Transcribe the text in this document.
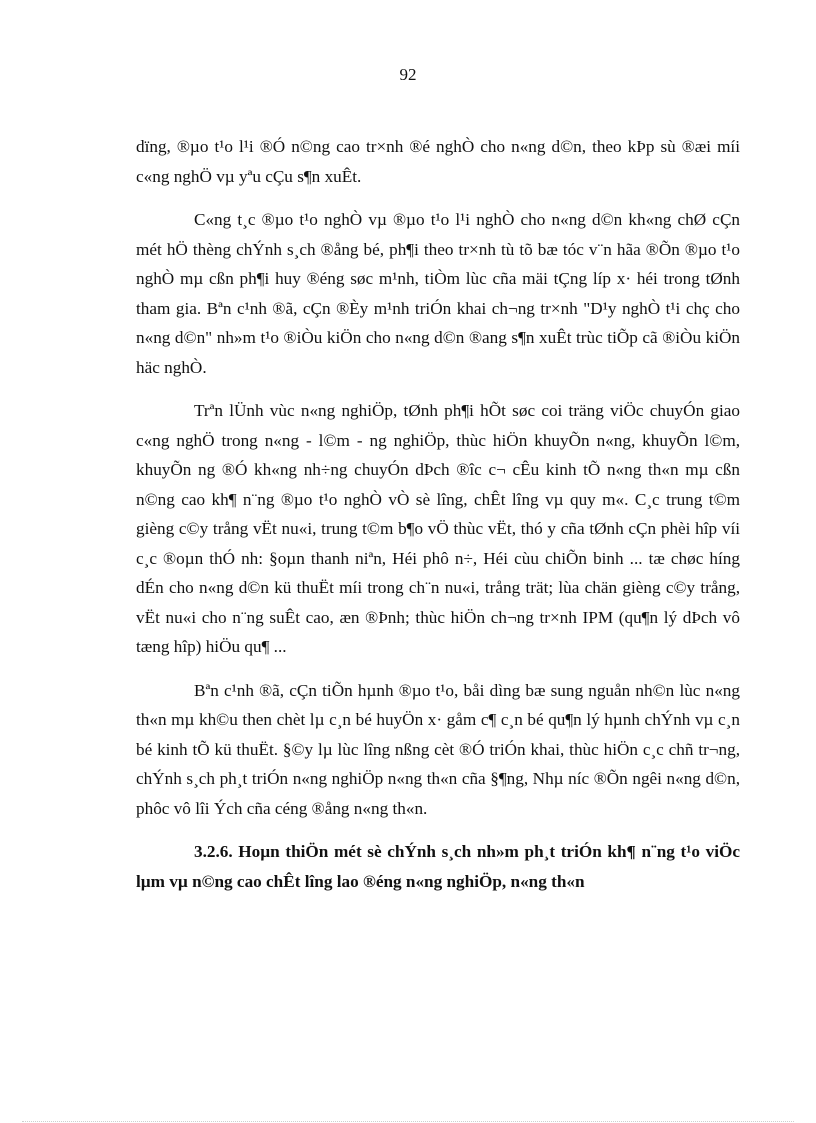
92

dïng, ®µo t¹o l¹i ®Ó n©ng cao tr×nh ®é nghÒ cho n«ng d©n, theo kÞp sù ®æi míi c«ng nghÖ vµ yªu cÇu s¶n xuÊt.

C«ng t¸c ®µo t¹o nghÒ vµ ®µo t¹o l¹i nghÒ cho n«ng d©n kh«ng chØ cÇn mét hÖ thèng chÝnh s¸ch ®ång bé, ph¶i theo tr×nh tù tõ bæ tóc v¨n hãa ®Õn ®µo t¹o nghÒ mµ cßn ph¶i huy ®éng søc m¹nh, tiÒm lùc cña mäi tÇng líp x· héi trong tØnh tham gia. Bªn c¹nh ®ã, cÇn ®Èy m¹nh triÓn khai ch¬ng tr×nh "D¹y nghÒ t¹i chç cho n«ng d©n" nh»m t¹o ®iÒu kiÖn cho n«ng d©n ®ang s¶n xuÊt trùc tiÕp cã ®iÒu kiÖn häc nghÒ.

Trªn lÜnh vùc n«ng nghiÖp, tØnh ph¶i hÕt søc coi träng viÖc chuyÓn giao c«ng nghÖ trong n«ng - l©m - ng nghiÖp, thùc hiÖn khuyÕn n«ng, khuyÕn l©m, khuyÕn ng ®Ó kh«ng nh÷ng chuyÓn dÞch ®îc c¬ cÊu kinh tÕ n«ng th«n mµ cßn n©ng cao kh¶ n¨ng ®µo t¹o nghÒ vÒ sè lîng, chÊt lîng vµ quy m«. C¸c trung t©m gièng c©y trång vËt nu«i, trung t©m b¶o vÖ thùc vËt, thó y cña tØnh cÇn phèi hîp víi c¸c ®oµn thÓ nh: §oµn thanh niªn, Héi phô n÷, Héi cùu chiÕn binh ... tæ chøc híng dÉn cho n«ng d©n kü thuËt míi trong ch¨n nu«i, trång trät; lùa chän gièng c©y trång, vËt nu«i cho n¨ng suÊt cao, æn ®Þnh; thùc hiÖn ch¬ng tr×nh IPM (qu¶n lý dÞch vô tæng hîp) hiÖu qu¶ ...

Bªn c¹nh ®ã, cÇn tiÕn hµnh ®µo t¹o, båi dìng bæ sung nguån nh©n lùc n«ng th«n mµ kh©u then chèt lµ c¸n bé huyÖn x· gåm c¶ c¸n bé qu¶n lý hµnh chÝnh vµ c¸n bé kinh tÕ kü thuËt. §©y lµ lùc lîng nßng cèt ®Ó triÓn khai, thùc hiÖn c¸c chñ tr¬ng, chÝnh s¸ch ph¸t triÓn n«ng nghiÖp n«ng th«n cña §¶ng, Nhµ níc ®Õn ngêi n«ng d©n, phôc vô lîi Ých cña céng ®ång n«ng th«n.

3.2.6. Hoµn thiÖn mét sè chÝnh s¸ch nh»m ph¸t triÓn kh¶ n¨ng t¹o viÖc lµm vµ n©ng cao chÊt lîng lao ®éng n«ng nghiÖp, n«ng th«n
